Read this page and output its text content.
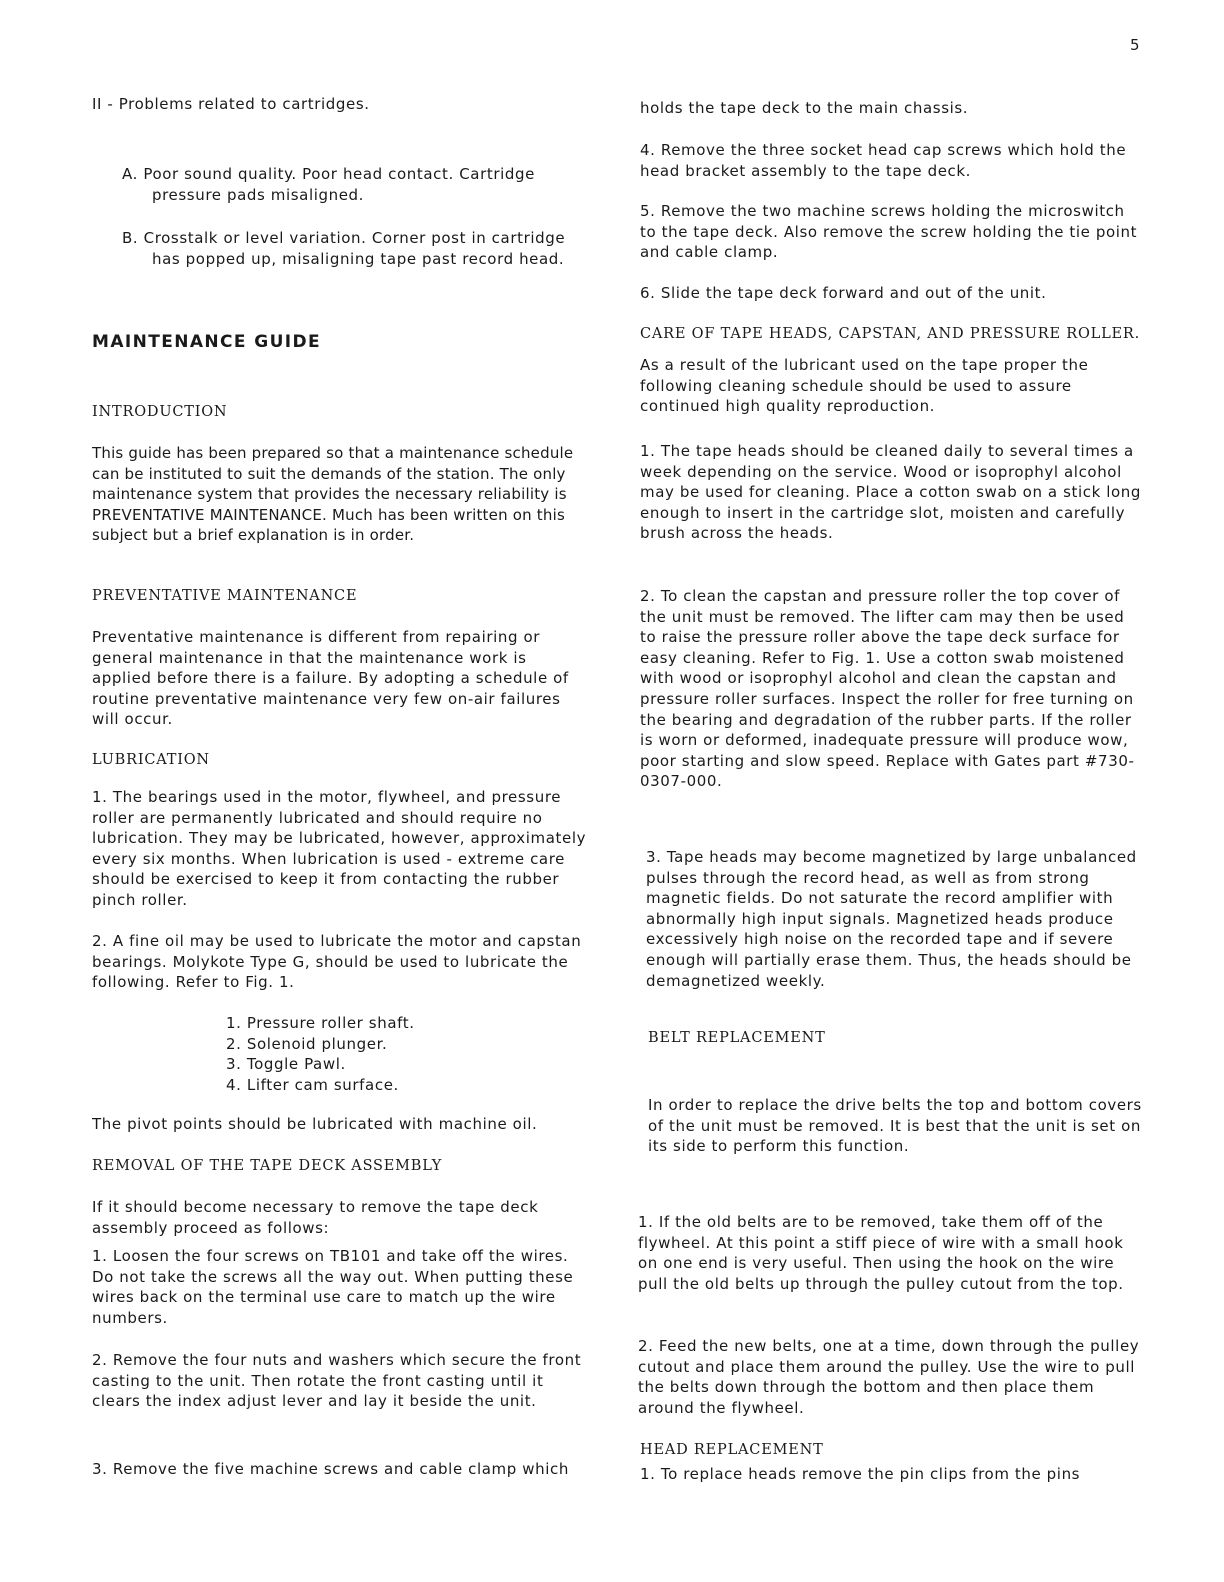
5

II - Problems related to cartridges.

A. Poor sound quality. Poor head contact. Cartridge pressure pads misaligned.

B. Crosstalk or level variation. Corner post in cartridge has popped up, misaligning tape past record head.

MAINTENANCE GUIDE

INTRODUCTION

This guide has been prepared so that a maintenance schedule can be instituted to suit the demands of the station. The only maintenance system that provides the necessary reliability is PREVENTATIVE MAINTENANCE. Much has been written on this subject but a brief explanation is in order.

PREVENTATIVE MAINTENANCE

Preventative maintenance is different from repairing or general maintenance in that the maintenance work is applied before there is a failure. By adopting a schedule of routine preventative maintenance very few on-air failures will occur.

LUBRICATION

1. The bearings used in the motor, flywheel, and pressure roller are permanently lubricated and should require no lubrication. They may be lubricated, however, approximately every six months. When lubrication is used - extreme care should be exercised to keep it from contacting the rubber pinch roller.

2. A fine oil may be used to lubricate the motor and capstan bearings. Molykote Type G, should be used to lubricate the following. Refer to Fig. 1.

1. Pressure roller shaft.

2. Solenoid plunger.

3. Toggle Pawl.

4. Lifter cam surface.

The pivot points should be lubricated with machine oil.

REMOVAL OF THE TAPE DECK ASSEMBLY

If it should become necessary to remove the tape deck assembly proceed as follows:

1. Loosen the four screws on TB101 and take off the wires. Do not take the screws all the way out. When putting these wires back on the terminal use care to match up the wire numbers.

2. Remove the four nuts and washers which secure the front casting to the unit. Then rotate the front casting until it clears the index adjust lever and lay it beside the unit.

3. Remove the five machine screws and cable clamp which

holds the tape deck to the main chassis.

4. Remove the three socket head cap screws which hold the head bracket assembly to the tape deck.

5. Remove the two machine screws holding the microswitch to the tape deck. Also remove the screw holding the tie point and cable clamp.

6. Slide the tape deck forward and out of the unit.

CARE OF TAPE HEADS, CAPSTAN, AND PRESSURE ROLLER.

As a result of the lubricant used on the tape proper the following cleaning schedule should be used to assure continued high quality reproduction.

1. The tape heads should be cleaned daily to several times a week depending on the service. Wood or isoprophyl alcohol may be used for cleaning. Place a cotton swab on a stick long enough to insert in the cartridge slot, moisten and carefully brush across the heads.

2. To clean the capstan and pressure roller the top cover of the unit must be removed. The lifter cam may then be used to raise the pressure roller above the tape deck surface for easy cleaning. Refer to Fig. 1. Use a cotton swab moistened with wood or isoprophyl alcohol and clean the capstan and pressure roller surfaces. Inspect the roller for free turning on the bearing and degradation of the rubber parts. If the roller is worn or deformed, inadequate pressure will produce wow, poor starting and slow speed. Replace with Gates part #730-0307-000.

3. Tape heads may become magnetized by large unbalanced pulses through the record head, as well as from strong magnetic fields. Do not saturate the record amplifier with abnormally high input signals. Magnetized heads produce excessively high noise on the recorded tape and if severe enough will partially erase them. Thus, the heads should be demagnetized weekly.

BELT REPLACEMENT

In order to replace the drive belts the top and bottom covers of the unit must be removed. It is best that the unit is set on its side to perform this function.

1. If the old belts are to be removed, take them off of the flywheel. At this point a stiff piece of wire with a small hook on one end is very useful. Then using the hook on the wire pull the old belts up through the pulley cutout from the top.

2. Feed the new belts, one at a time, down through the pulley cutout and place them around the pulley. Use the wire to pull the belts down through the bottom and then place them around the flywheel.

HEAD REPLACEMENT

1. To replace heads remove the pin clips from the pins
